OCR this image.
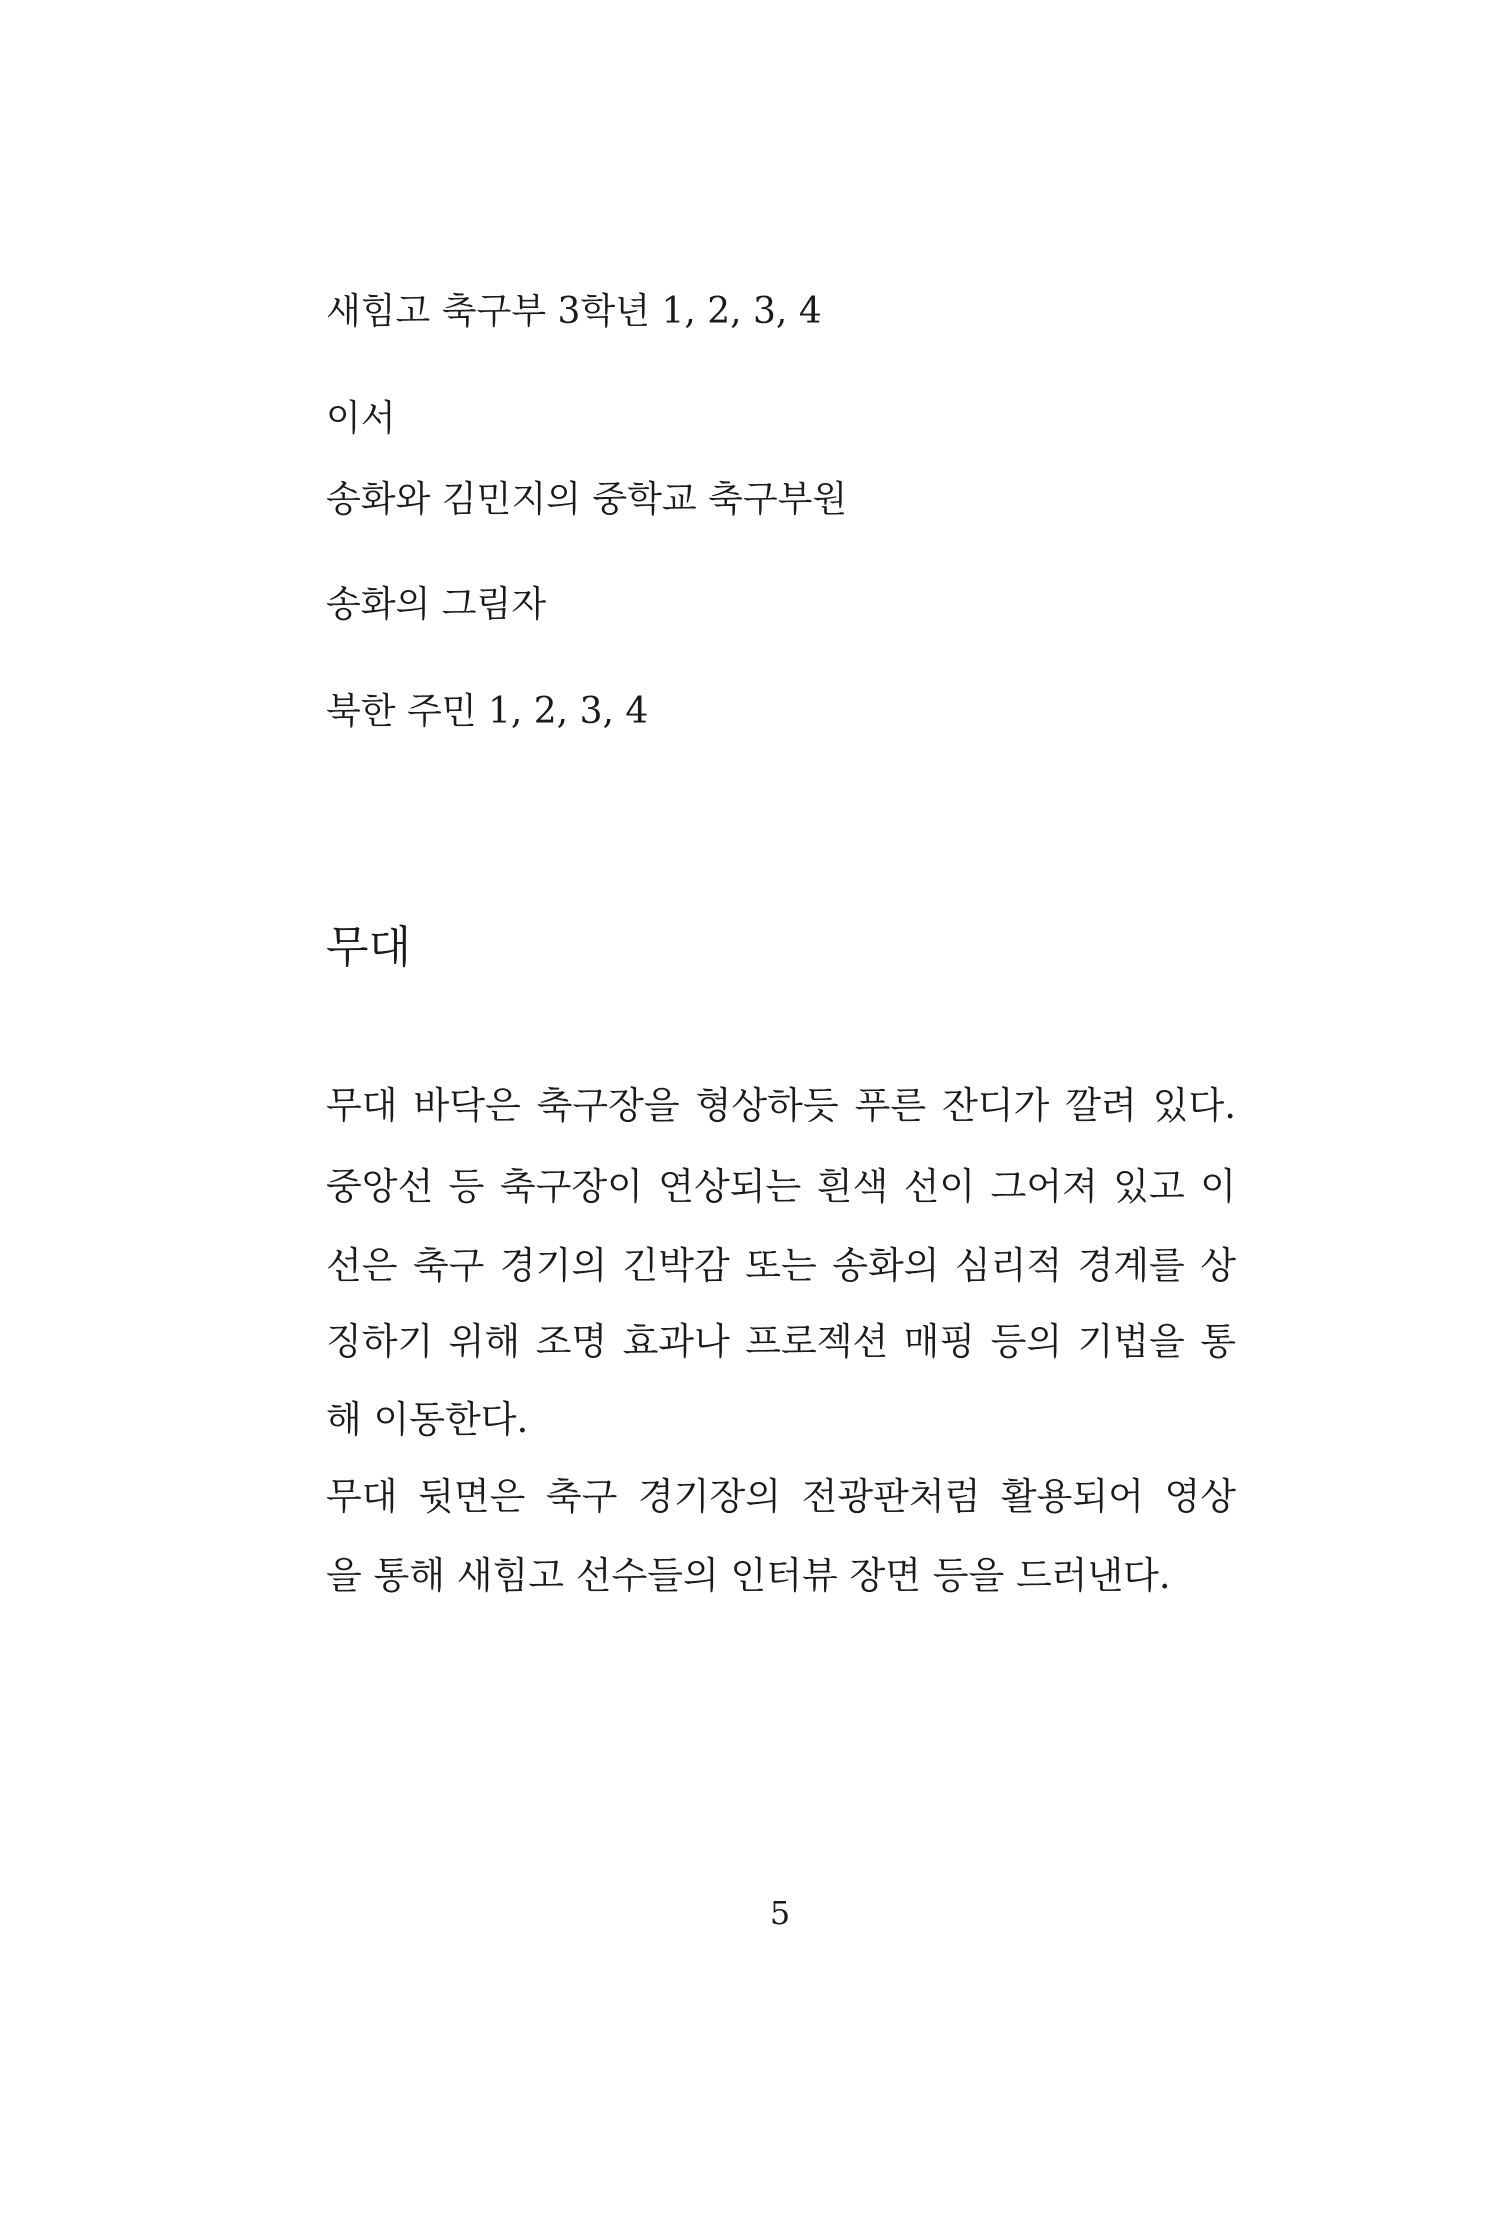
새힘고 축구부 3학년 1, 2, 3, 4
이서
송화와 김민지의 중학교 축구부원
송화의 그림자
북한 주민 1, 2, 3, 4
무대
무대 바닥은 축구장을 형상하듯 푸른 잔디가 깔려 있다.
중앙선 등 축구장이 연상되는 흰색 선이 그어져 있고 이
선은 축구 경기의 긴박감 또는 송화의 심리적 경계를 상
징하기 위해 조명 효과나 프로젝션 매핑 등의 기법을 통
해 이동한다.
무대 뒷면은 축구 경기장의 전광판처럼 활용되어 영상
을 통해 새힘고 선수들의 인터뷰 장면 등을 드러낸다.
5
